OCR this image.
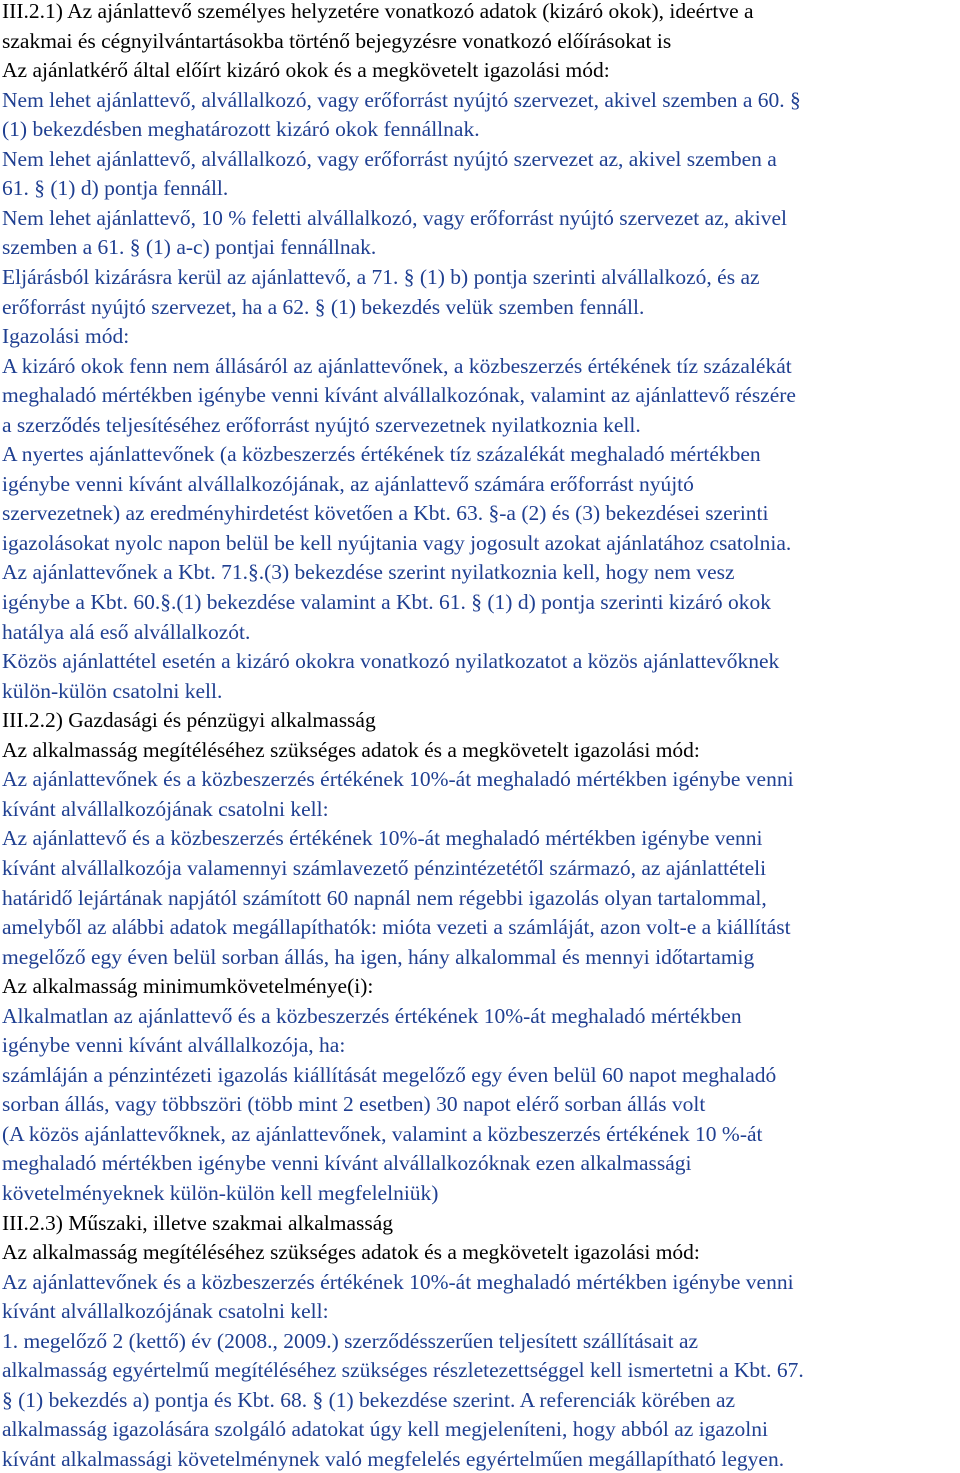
III.2.1) Az ajánlattevő személyes helyzetére vonatkozó adatok (kizáró okok), ideértve a

szakmai és cégnyilvántartásokba történő bejegyzésre vonatkozó előírásokat is

Az ajánlatkérő által előírt kizáró okok és a megkövetelt igazolási mód:

Nem lehet ajánlattevő, alvállalkozó, vagy erőforrást nyújtó szervezet, akivel szemben a 60. §

(1) bekezdésben meghatározott kizáró okok fennállnak.

Nem lehet ajánlattevő, alvállalkozó, vagy erőforrást nyújtó szervezet az, akivel szemben a

61. § (1) d) pontja fennáll.

Nem lehet ajánlattevő, 10 % feletti alvállalkozó, vagy erőforrást nyújtó szervezet az, akivel

szemben a 61. § (1) a-c) pontjai fennállnak.

Eljárásból kizárásra kerül az ajánlattevő, a 71. § (1) b) pontja szerinti alvállalkozó, és az

erőforrást nyújtó szervezet, ha a 62. § (1) bekezdés velük szemben fennáll.

Igazolási mód:

A kizáró okok fenn nem állásáról az ajánlattevőnek, a közbeszerzés értékének tíz százalékát

meghaladó mértékben igénybe venni kívánt alvállalkozónak, valamint az ajánlattevő részére

a szerződés teljesítéséhez erőforrást nyújtó szervezetnek nyilatkoznia kell.

A nyertes ajánlattevőnek (a közbeszerzés értékének tíz százalékát meghaladó mértékben

igénybe venni kívánt alvállalkozójának, az ajánlattevő számára erőforrást nyújtó

szervezetnek) az eredményhirdetést követően a Kbt. 63. §-a (2) és (3) bekezdései szerinti

igazolásokat nyolc napon belül be kell nyújtania vagy jogosult azokat ajánlatához csatolnia.

Az ajánlattevőnek a Kbt. 71.§.(3) bekezdése szerint nyilatkoznia kell, hogy nem vesz

igénybe a Kbt. 60.§.(1) bekezdése valamint a Kbt. 61. § (1) d) pontja szerinti kizáró okok

hatálya alá eső alvállalkozót.

Közös ajánlattétel esetén a kizáró okokra vonatkozó nyilatkozatot a közös ajánlattevőknek

külön-külön csatolni kell.

III.2.2) Gazdasági és pénzügyi alkalmasság

Az alkalmasság megítéléséhez szükséges adatok és a megkövetelt igazolási mód:

Az ajánlattevőnek és a közbeszerzés értékének 10%-át meghaladó mértékben igénybe venni

kívánt alvállalkozójának csatolni kell:

Az ajánlattevő és a közbeszerzés értékének 10%-át meghaladó mértékben igénybe venni

kívánt alvállalkozója valamennyi számlavezető pénzintézetétől származó, az ajánlattételi

határidő lejártának napjától számított 60 napnál nem régebbi igazolás olyan tartalommal,

amelyből az alábbi adatok megállapíthatók: mióta vezeti a számláját, azon volt-e a kiállítást

megelőző egy éven belül sorban állás, ha igen, hány alkalommal és mennyi időtartamig

Az alkalmasság minimumkövetelménye(i):

Alkalmatlan az ajánlattevő és a közbeszerzés értékének 10%-át meghaladó mértékben

igénybe venni kívánt alvállalkozója, ha:

számláján a pénzintézeti igazolás kiállítását megelőző egy éven belül 60 napot meghaladó

sorban állás, vagy többszöri (több mint 2 esetben) 30 napot elérő sorban állás volt

(A közös ajánlattevőknek, az ajánlattevőnek, valamint a közbeszerzés értékének 10 %-át

meghaladó mértékben igénybe venni kívánt alvállalkozóknak ezen alkalmassági

követelményeknek külön-külön kell megfelelniük)

III.2.3) Műszaki, illetve szakmai alkalmasság

Az alkalmasság megítéléséhez szükséges adatok és a megkövetelt igazolási mód:

Az ajánlattevőnek és a közbeszerzés értékének 10%-át meghaladó mértékben igénybe venni

kívánt alvállalkozójának csatolni kell:

1. megelőző 2 (kettő) év (2008., 2009.) szerződésszerűen teljesített szállításait az

alkalmasság egyértelmű megítéléséhez szükséges részletezettséggel kell ismertetni a Kbt. 67.

§ (1) bekezdés a) pontja és Kbt. 68. § (1) bekezdése szerint. A referenciák körében az

alkalmasság igazolására szolgáló adatokat úgy kell megjeleníteni, hogy abból az igazolni

kívánt alkalmassági követelménynek való megfelelés egyértelműen megállapítható legyen.
